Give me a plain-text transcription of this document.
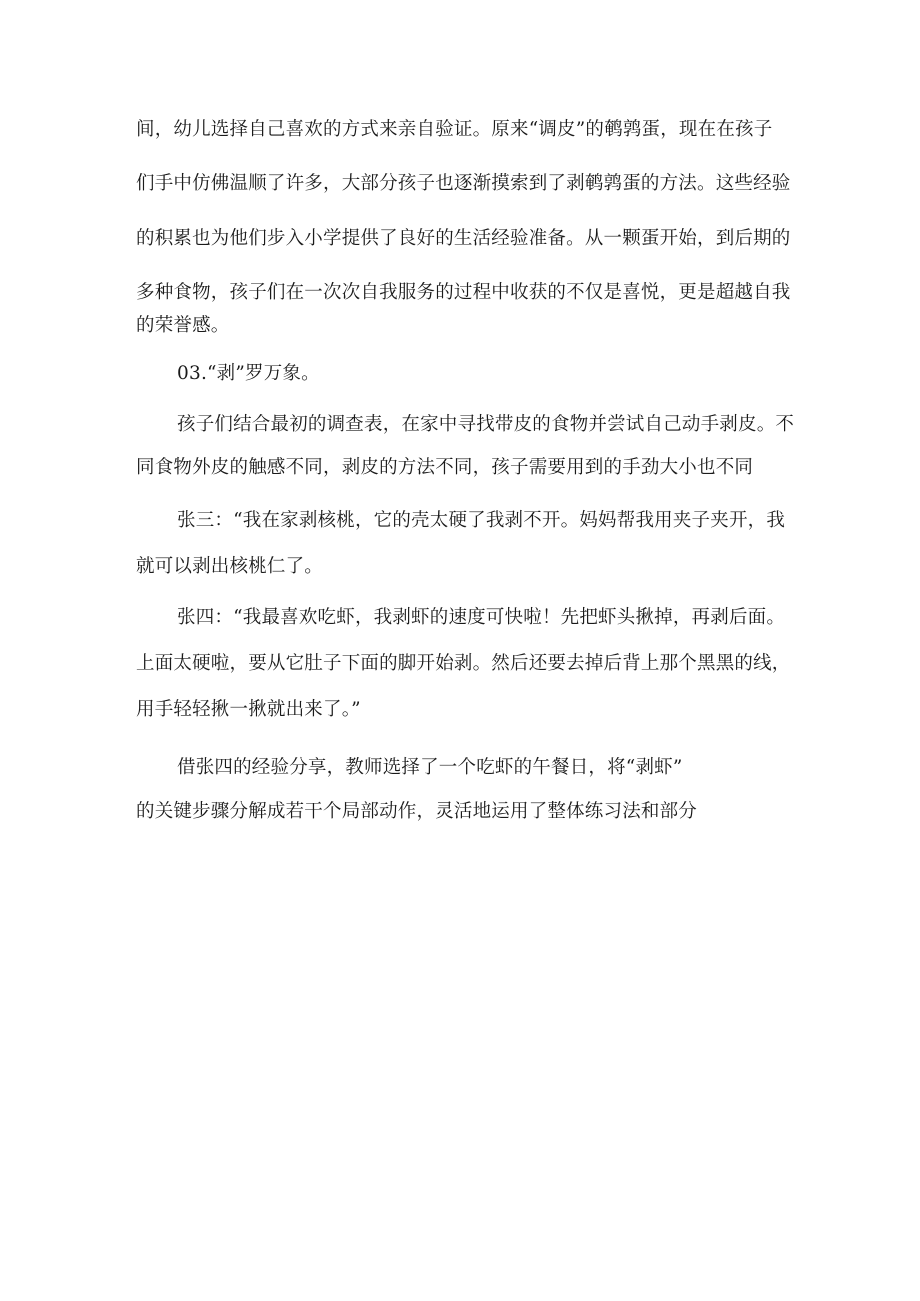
间，幼儿选择自己喜欢的方式来亲自验证。原来“调皮”的鹌鹑蛋，现在在孩子
们手中仿佛温顺了许多，大部分孩子也逐渐摸索到了剥鹌鹑蛋的方法。这些经验
的积累也为他们步入小学提供了良好的生活经验准备。从一颗蛋开始，到后期的
多种食物，孩子们在一次次自我服务的过程中收获的不仅是喜悦，更是超越自我
的荣誉感。
03.“剥”罗万象。
孩子们结合最初的调查表，在家中寻找带皮的食物并尝试自己动手剥皮。不
同食物外皮的触感不同，剥皮的方法不同，孩子需要用到的手劲大小也不同
张三：“我在家剥核桃，它的壳太硬了我剥不开。妈妈帮我用夹子夹开，我
就可以剥出核桃仁了。
张四：“我最喜欢吃虾，我剥虾的速度可快啦！先把虾头揪掉，再剥后面。
上面太硬啦，要从它肚子下面的脚开始剥。然后还要去掉后背上那个黑黑的线，
用手轻轻揪一揪就出来了。”
借张四的经验分享，教师选择了一个吃虾的午餐日，将“剥虾”
的关键步骤分解成若干个局部动作，灵活地运用了整体练习法和部分
